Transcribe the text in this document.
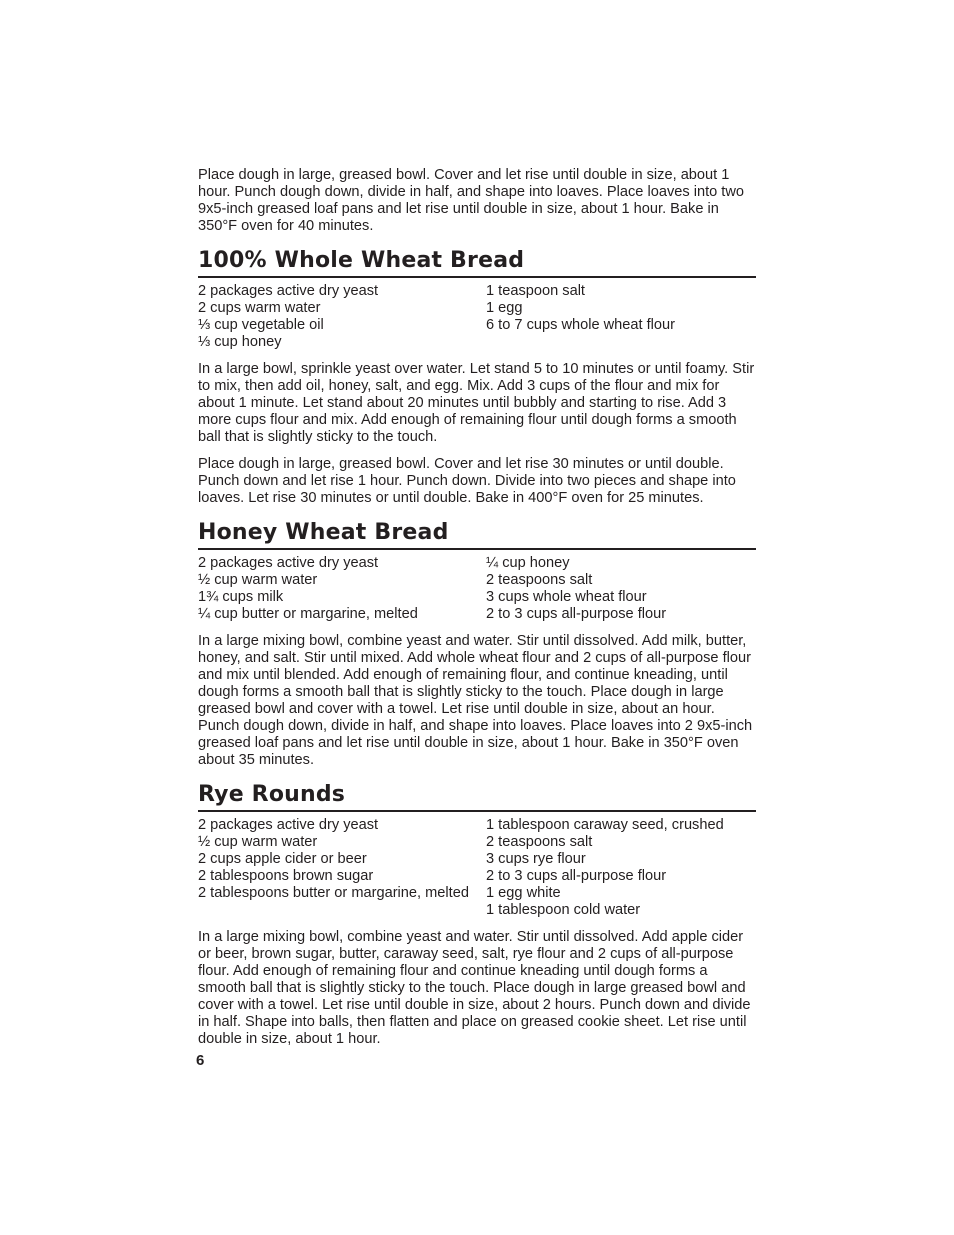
Place dough in large, greased bowl. Cover and let rise until double in size, about 1 hour. Punch dough down, divide in half, and shape into loaves. Place loaves into two 9x5-inch greased loaf pans and let rise until double in size, about 1 hour. Bake in 350°F oven for 40 minutes.

100% Whole Wheat Bread
2 packages active dry yeast
2 cups warm water
⅓ cup vegetable oil
⅓ cup honey
1 teaspoon salt
1 egg
6 to 7 cups whole wheat flour

In a large bowl, sprinkle yeast over water. Let stand 5 to 10 minutes or until foamy. Stir to mix, then add oil, honey, salt, and egg. Mix. Add 3 cups of the flour and mix for about 1 minute. Let stand about 20 minutes until bubbly and starting to rise. Add 3 more cups flour and mix. Add enough of remaining flour until dough forms a smooth ball that is slightly sticky to the touch.

Place dough in large, greased bowl. Cover and let rise 30 minutes or until double. Punch down and let rise 1 hour. Punch down. Divide into two pieces and shape into loaves. Let rise 30 minutes or until double. Bake in 400°F oven for 25 minutes.

Honey Wheat Bread
2 packages active dry yeast
½ cup warm water
1¾ cups milk
¼ cup butter or margarine, melted
¼ cup honey
2 teaspoons salt
3 cups whole wheat flour
2 to 3 cups all-purpose flour

In a large mixing bowl, combine yeast and water. Stir until dissolved. Add milk, butter, honey, and salt. Stir until mixed. Add whole wheat flour and 2 cups of all-purpose flour and mix until blended. Add enough of remaining flour, and continue kneading, until dough forms a smooth ball that is slightly sticky to the touch. Place dough in large greased bowl and cover with a towel. Let rise until double in size, about an hour. Punch dough down, divide in half, and shape into loaves. Place loaves into 2 9x5-inch greased loaf pans and let rise until double in size, about 1 hour. Bake in 350°F oven about 35 minutes.

Rye Rounds
2 packages active dry yeast
½ cup warm water
2 cups apple cider or beer
2 tablespoons brown sugar
2 tablespoons butter or margarine, melted
1 tablespoon caraway seed, crushed
2 teaspoons salt
3 cups rye flour
2 to 3 cups all-purpose flour
1 egg white
1 tablespoon cold water

In a large mixing bowl, combine yeast and water. Stir until dissolved. Add apple cider or beer, brown sugar, butter, caraway seed, salt, rye flour and 2 cups of all-purpose flour. Add enough of remaining flour and continue kneading until dough forms a smooth ball that is slightly sticky to the touch. Place dough in large greased bowl and cover with a towel. Let rise until double in size, about 2 hours. Punch down and divide in half. Shape into balls, then flatten and place on greased cookie sheet. Let rise until double in size, about 1 hour.

6
